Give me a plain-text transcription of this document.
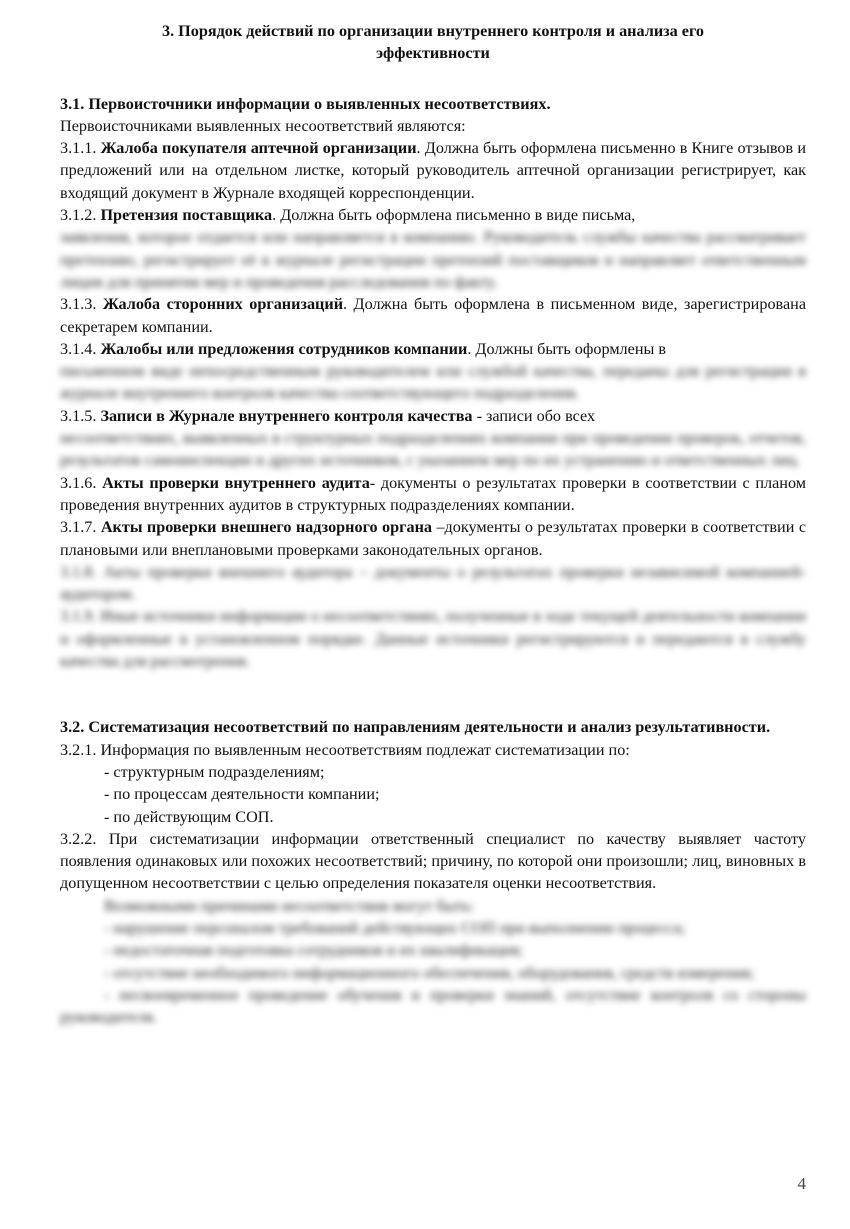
3. Порядок действий по организации внутреннего контроля и анализа его
эффективности

3.1. Первоисточники информации о выявленных несоответствиях.

Первоисточниками выявленных несоответствий являются:

3.1.1. Жалоба покупателя аптечной организации. Должна быть оформлена письменно в Книге отзывов и предложений или на отдельном листке, который руководитель аптечной организации регистрирует, как входящий документ в Журнале входящей корреспонденции.

3.1.2. Претензия поставщика. Должна быть оформлена письменно в виде письма,

заявления, которое отдается или направляется в компанию. Руководитель службы качества рассматривает претензию, регистрирует её в журнале регистрации претензий поставщиков и направляет ответственным лицам для принятия мер и проведения расследования по факту.

3.1.3. Жалоба сторонних организаций. Должна быть оформлена в письменном виде, зарегистрирована секретарем компании.

3.1.4. Жалобы или предложения сотрудников компании. Должны быть оформлены в

письменном виде непосредственным руководителем или службой качества, переданы для регистрации в журнале внутреннего контроля качества соответствующего подразделения.

3.1.5. Записи в Журнале внутреннего контроля качества - записи обо всех

несоответствиях, выявленных в структурных подразделениях компании при проведении проверок, отчетов, результатов самоинспекции и других источников, с указанием мер по их устранению и ответственных лиц.

3.1.6. Акты проверки внутреннего аудита- документы о результатах проверки в соответствии с планом проведения внутренних аудитов в структурных подразделениях компании.

3.1.7. Акты проверки внешнего надзорного органа –документы о результатах проверки в соответствии с плановыми или внеплановыми проверками законодательных органов.

3.1.8. Акты проверки внешнего аудитора – документы о результатах проверки независимой компанией-аудитором.

3.1.9. Иные источники информации о несоответствиях, полученные в ходе текущей деятельности компании и оформленные в установленном порядке. Данные источники регистрируются и передаются в службу качества для рассмотрения.

3.2. Систематизация несоответствий по направлениям деятельности и анализ результативности.

3.2.1. Информация по выявленным несоответствиям подлежат систематизации по:

- структурным подразделениям;

- по процессам деятельности компании;

- по действующим СОП.

3.2.2. При систематизации информации ответственный специалист по качеству выявляет частоту появления одинаковых или похожих несоответствий; причину, по которой они произошли; лиц, виновных в допущенном несоответствии с целью определения показателя оценки несоответствия.

Возможными причинами несоответствия могут быть:

- нарушение персоналом требований действующих СОП при выполнении процесса;

- недостаточная подготовка сотрудников и их квалификация;

- отсутствие необходимого информационного обеспечения, оборудования, средств измерения;

- несвоевременное проведение обучения и проверки знаний, отсутствие контроля со стороны руководителя.

4
